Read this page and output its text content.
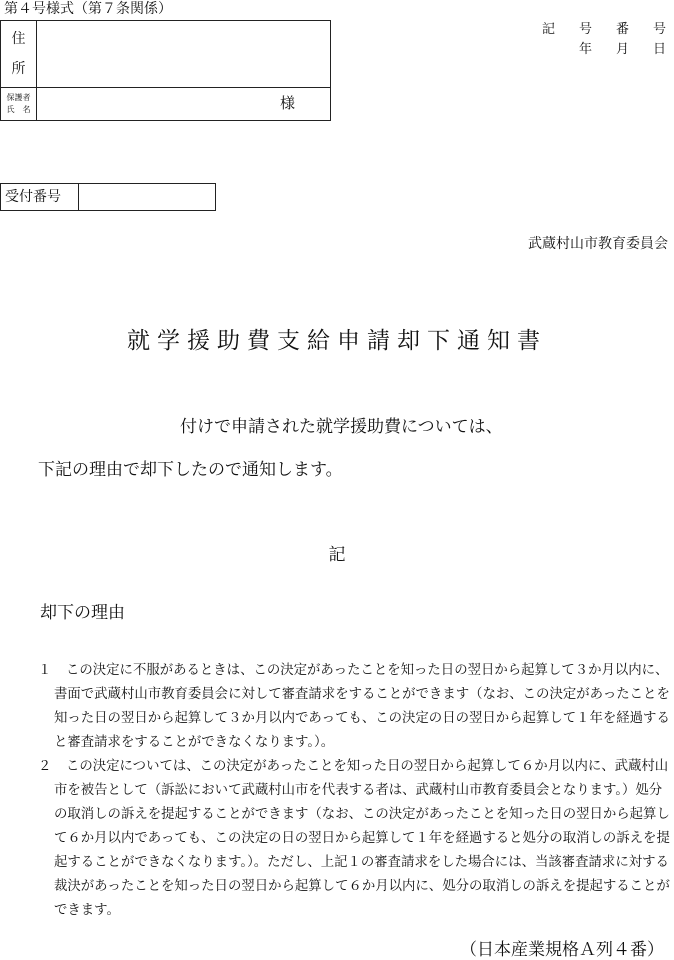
第４号様式（第７条関係）
記 号 番 号
年 月 日
住
所	

保護者
氏　名	様
受付番号
武蔵村山市教育委員会
就学援助費支給申請却下通知書
付けで申請された就学援助費については、
下記の理由で却下したので通知します。
記
却下の理由
１	この決定に不服があるときは、この決定があったことを知った日の翌日から起算して３か月以内に、書面で武蔵村山市教育委員会に対して審査請求をすることができます（なお、この決定があったことを知った日の翌日から起算して３か月以内であっても、この決定の日の翌日から起算して１年を経過すると審査請求をすることができなくなります。）。
２	この決定については、この決定があったことを知った日の翌日から起算して６か月以内に、武蔵村山市を被告として（訴訟において武蔵村山市を代表する者は、武蔵村山市教育委員会となります。）処分の取消しの訴えを提起することができます（なお、この決定があったことを知った日の翌日から起算して６か月以内であっても、この決定の日の翌日から起算して１年を経過すると処分の取消しの訴えを提起することができなくなります。）。ただし、上記１の審査請求をした場合には、当該審査請求に対する裁決があったことを知った日の翌日から起算して６か月以内に、処分の取消しの訴えを提起することができます。
（日本産業規格Ａ列４番）
